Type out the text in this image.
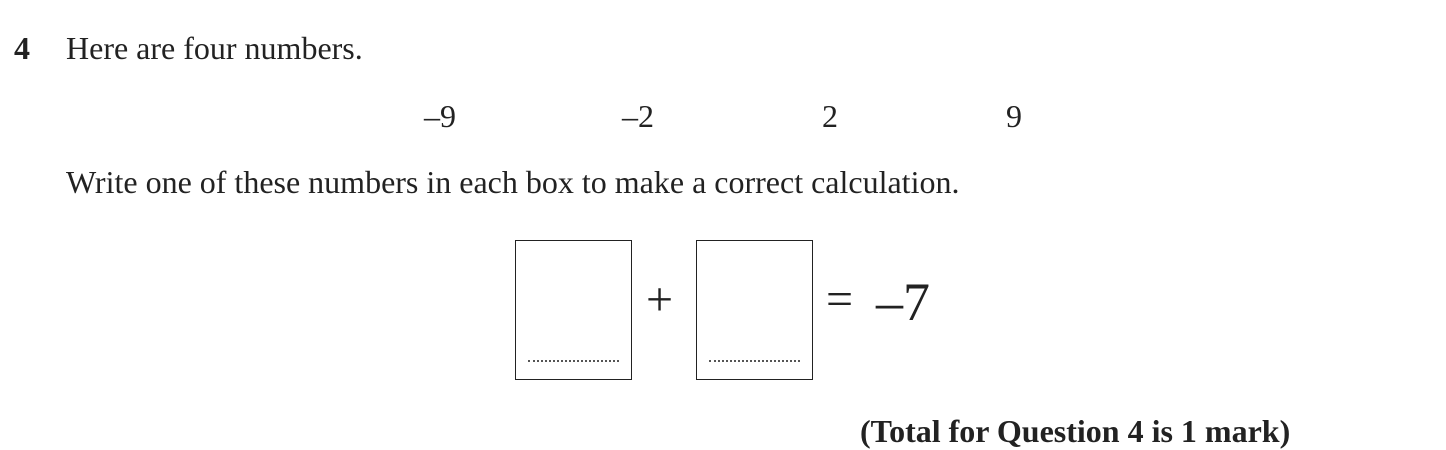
4 Here are four numbers.
–9	–2	2	9
Write one of these numbers in each box to make a correct calculation.
+	= –7
(Total for Question 4 is 1 mark)
